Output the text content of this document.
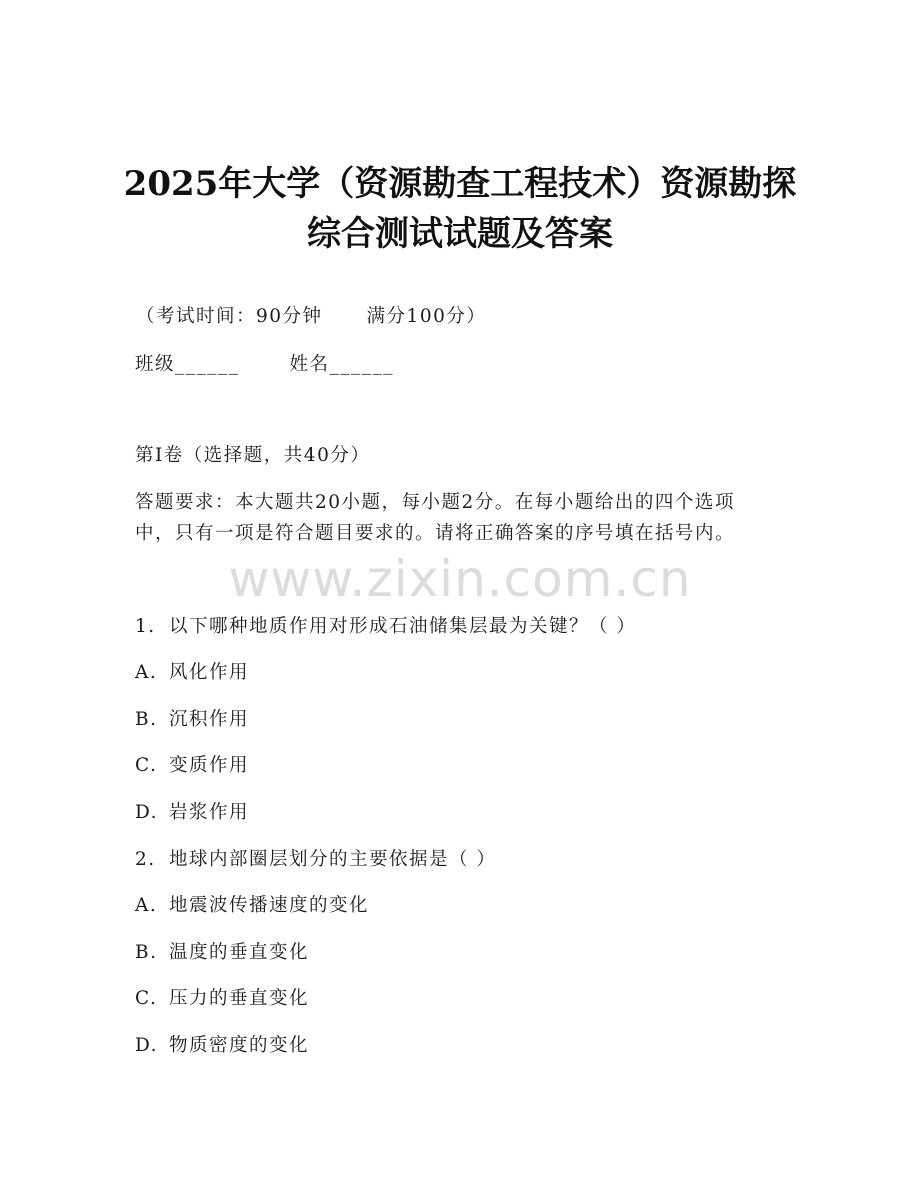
2025年大学（资源勘查工程技术）资源勘探
综合测试试题及答案
（考试时间：90分钟 满分100分）
班级______	姓名______
第I卷（选择题，共40分）
答题要求：本大题共20小题，每小题2分。在每小题给出的四个选项
中，只有一项是符合题目要求的。请将正确答案的序号填在括号内。
www.zixin.com.cn
1. 以下哪种地质作用对形成石油储集层最为关键？（ ）
A. 风化作用
B. 沉积作用
C. 变质作用
D. 岩浆作用
2. 地球内部圈层划分的主要依据是（ ）
A. 地震波传播速度的变化
B. 温度的垂直变化
C. 压力的垂直变化
D. 物质密度的变化
